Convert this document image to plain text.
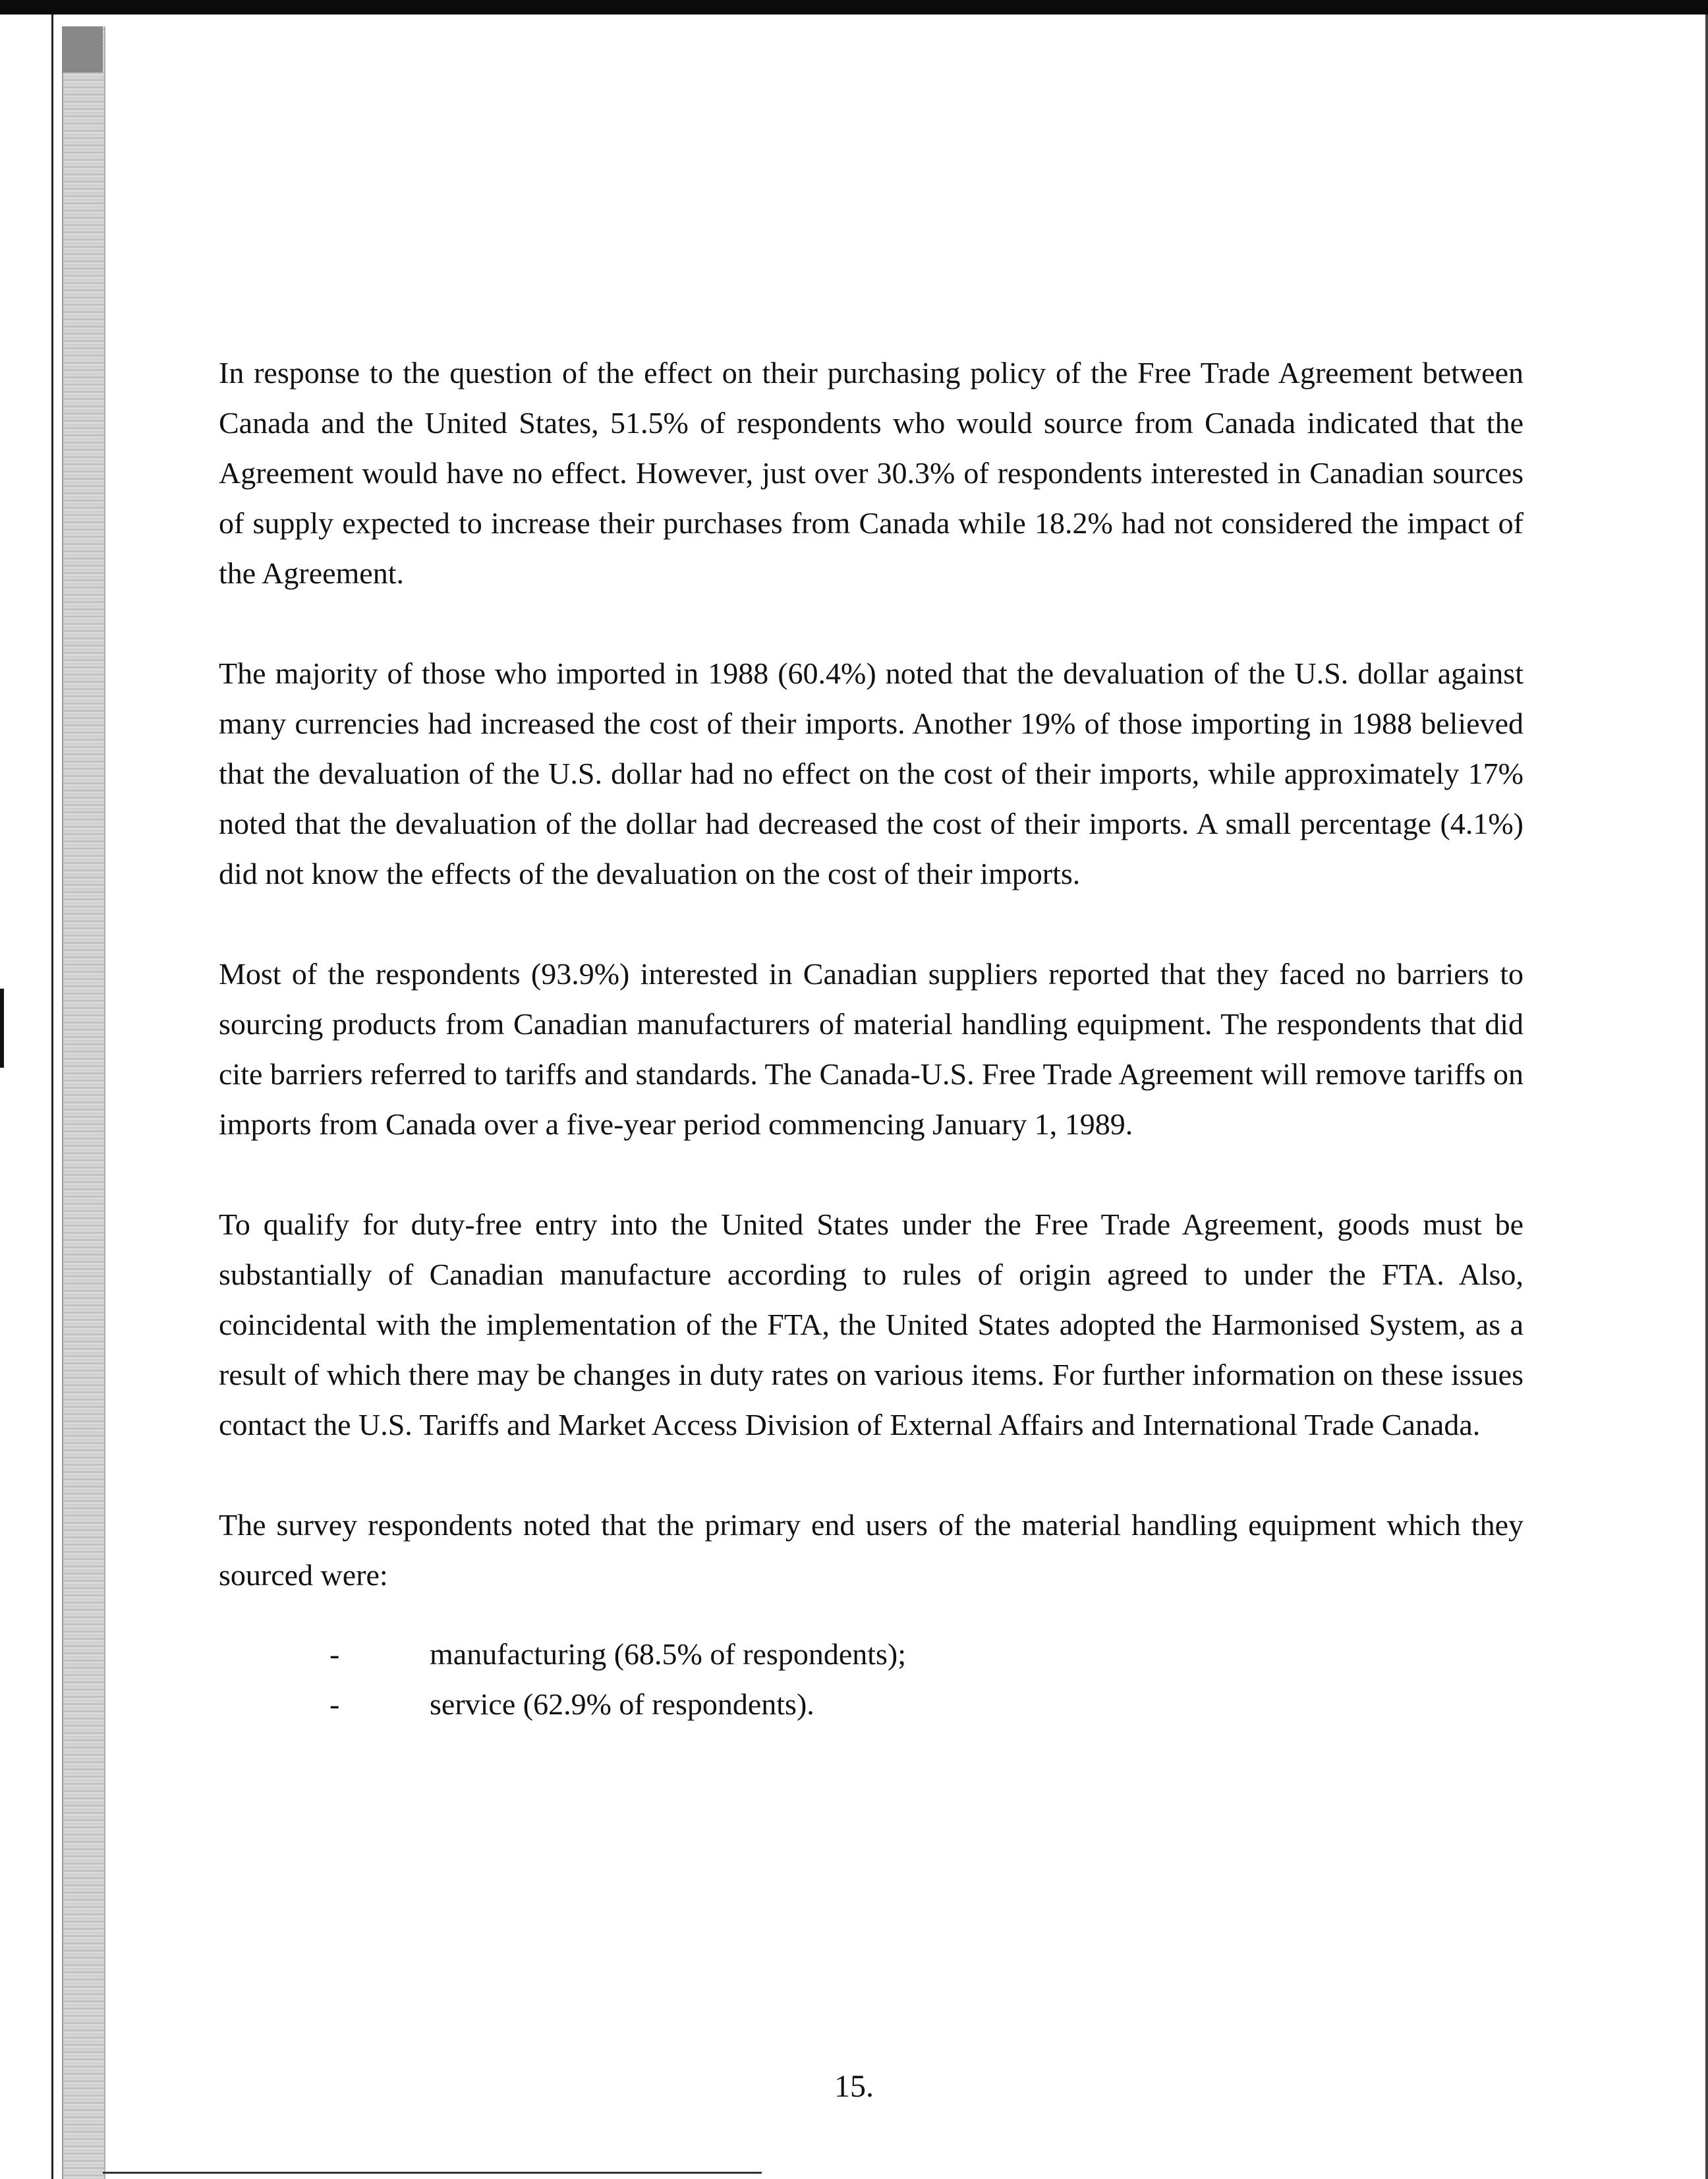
In response to the question of the effect on their purchasing policy of the Free Trade Agreement between Canada and the United States, 51.5% of respondents who would source from Canada indicated that the Agreement would have no effect. However, just over 30.3% of respondents interested in Canadian sources of supply expected to increase their purchases from Canada while 18.2% had not considered the impact of the Agreement.

The majority of those who imported in 1988 (60.4%) noted that the devaluation of the U.S. dollar against many currencies had increased the cost of their imports. Another 19% of those importing in 1988 believed that the devaluation of the U.S. dollar had no effect on the cost of their imports, while approximately 17% noted that the devaluation of the dollar had decreased the cost of their imports. A small percentage (4.1%) did not know the effects of the devaluation on the cost of their imports.

Most of the respondents (93.9%) interested in Canadian suppliers reported that they faced no barriers to sourcing products from Canadian manufacturers of material handling equipment. The respondents that did cite barriers referred to tariffs and standards. The Canada-U.S. Free Trade Agreement will remove tariffs on imports from Canada over a five-year period commencing January 1, 1989.

To qualify for duty-free entry into the United States under the Free Trade Agreement, goods must be substantially of Canadian manufacture according to rules of origin agreed to under the FTA. Also, coincidental with the implementation of the FTA, the United States adopted the Harmonised System, as a result of which there may be changes in duty rates on various items. For further information on these issues contact the U.S. Tariffs and Market Access Division of External Affairs and International Trade Canada.

The survey respondents noted that the primary end users of the material handling equipment which they sourced were:

-	manufacturing (68.5% of respondents);
-	service (62.9% of respondents).
15.
